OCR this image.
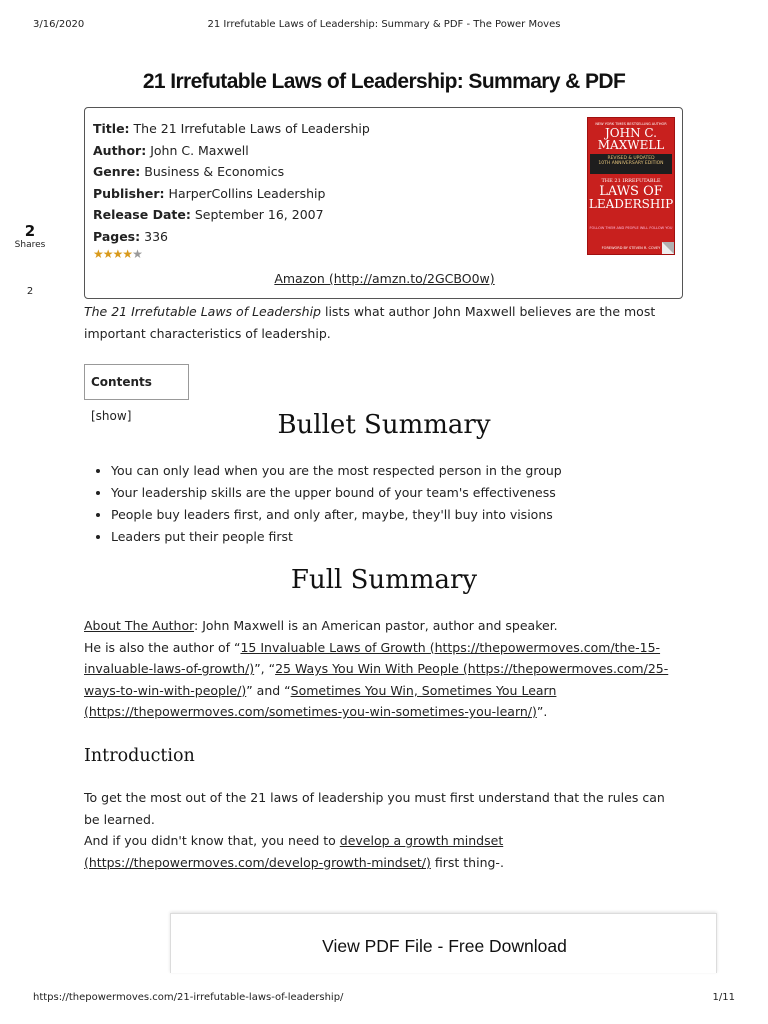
3/16/2020	21 Irrefutable Laws of Leadership: Summary & PDF - The Power Moves
21 Irrefutable Laws of Leadership: Summary & PDF
2
Shares
2
Title: The 21 Irrefutable Laws of Leadership
Author: John C. Maxwell
Genre: Business & Economics
Publisher: HarperCollins Leadership
Release Date: September 16, 2007
Pages: 336
★★★★★
Amazon (http://amzn.to/2GCBO0w)
NEW YORK TIMES BESTSELLING AUTHOR
JOHN C.
MAXWELL
REVISED & UPDATED
10TH ANNIVERSARY EDITION
THE 21 IRREFUTABLE
LAWS OF
LEADERSHIP
FOLLOW THEM AND PEOPLE WILL FOLLOW YOU
FOREWORD BY STEVEN R. COVEY
The 21 Irrefutable Laws of Leadership lists what author John Maxwell believes are the most important characteristics of leadership.
Contents [show]	Bullet Summary
• You can only lead when you are the most respected person in the group
• Your leadership skills are the upper bound of your team's effectiveness
• People buy leaders first, and only after, maybe, they'll buy into visions
• Leaders put their people first
Full Summary
About The Author: John Maxwell is an American pastor, author and speaker.
He is also the author of “15 Invaluable Laws of Growth (https://thepowermoves.com/the-15-invaluable-laws-of-growth/)”, “25 Ways You Win With People (https://thepowermoves.com/25-ways-to-win-with-people/)” and “Sometimes You Win, Sometimes You Learn (https://thepowermoves.com/sometimes-you-win-sometimes-you-learn/)”.
Introduction
To get the most out of the 21 laws of leadership you must first understand that the rules can be learned.
And if you didn't know that, you need to develop a growth mindset (https://thepowermoves.com/develop-growth-mindset/) first thing‑.
View PDF File - Free Download
https://thepowermoves.com/21-irrefutable-laws-of-leadership/	1/11
